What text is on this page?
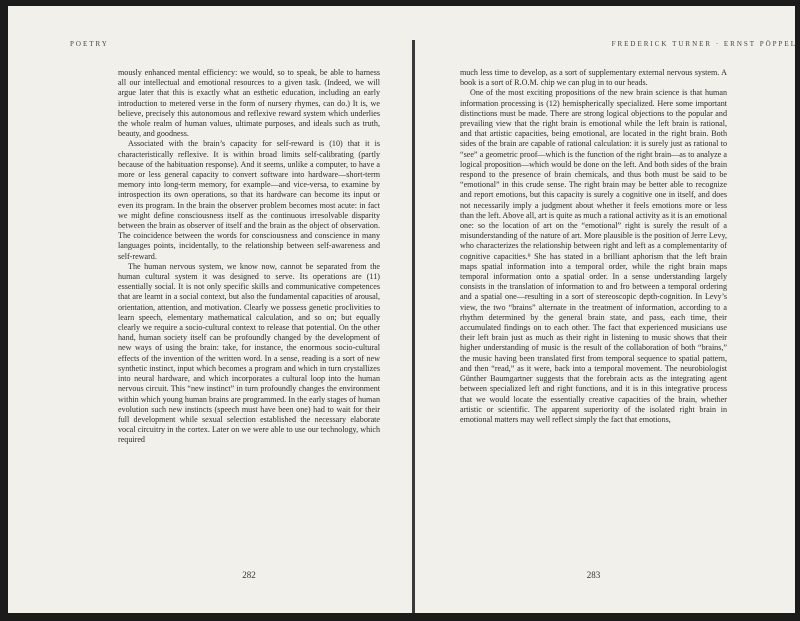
POETRY

mously enhanced mental efficiency: we would, so to speak, be able to harness all our intellectual and emotional resources to a given task. (Indeed, we will argue later that this is exactly what an esthetic education, including an early introduction to metered verse in the form of nursery rhymes, can do.) It is, we believe, precisely this autonomous and reflexive reward system which underlies the whole realm of human values, ultimate purposes, and ideals such as truth, beauty, and goodness.

Associated with the brain’s capacity for self-reward is (10) that it is characteristically reflexive. It is within broad limits self-calibrating (partly because of the habituation response). And it seems, unlike a computer, to have a more or less general capacity to convert software into hardware—short-term memory into long-term memory, for example—and vice-versa, to examine by introspection its own operations, so that its hardware can become its input or even its program. In the brain the observer problem becomes most acute: in fact we might define consciousness itself as the continuous irresolvable disparity between the brain as observer of itself and the brain as the object of observation. The coincidence between the words for consciousness and conscience in many languages points, incidentally, to the relationship between self-awareness and self-reward.

The human nervous system, we know now, cannot be separated from the human cultural system it was designed to serve. Its operations are (11) essentially social. It is not only specific skills and communicative competences that are learnt in a social context, but also the fundamental capacities of arousal, orientation, attention, and motivation. Clearly we possess genetic proclivities to learn speech, elementary mathematical calculation, and so on; but equally clearly we require a socio-cultural context to release that potential. On the other hand, human society itself can be profoundly changed by the development of new ways of using the brain: take, for instance, the enormous socio-cultural effects of the invention of the written word. In a sense, reading is a sort of new synthetic instinct, input which becomes a program and which in turn crystallizes into neural hardware, and which incorporates a cultural loop into the human nervous circuit. This “new instinct” in turn profoundly changes the environment within which young human brains are programmed. In the early stages of human evolution such new instincts (speech must have been one) had to wait for their full development while sexual selection established the necessary elaborate vocal circuitry in the cortex. Later on we were able to use our technology, which required

282
FREDERICK TURNER · ERNST PÖPPEL

much less time to develop, as a sort of supplementary external nervous system. A book is a sort of R.O.M. chip we can plug in to our heads.

One of the most exciting propositions of the new brain science is that human information processing is (12) hemispherically specialized. Here some important distinctions must be made. There are strong logical objections to the popular and prevailing view that the right brain is emotional while the left brain is rational, and that artistic capacities, being emotional, are located in the right brain. Both sides of the brain are capable of rational calculation: it is surely just as rational to “see” a geometric proof—which is the function of the right brain—as to analyze a logical proposition—which would be done on the left. And both sides of the brain respond to the presence of brain chemicals, and thus both must be said to be “emotional” in this crude sense. The right brain may be better able to recognize and report emotions, but this capacity is surely a cognitive one in itself, and does not necessarily imply a judgment about whether it feels emotions more or less than the left. Above all, art is quite as much a rational activity as it is an emotional one: so the location of art on the “emotional” right is surely the result of a misunderstanding of the nature of art. More plausible is the position of Jerre Levy, who characterizes the relationship between right and left as a complementarity of cognitive capacities.⁹ She has stated in a brilliant aphorism that the left brain maps spatial information into a temporal order, while the right brain maps temporal information onto a spatial order. In a sense understanding largely consists in the translation of information to and fro between a temporal ordering and a spatial one—resulting in a sort of stereoscopic depth-cognition. In Levy’s view, the two “brains” alternate in the treatment of information, according to a rhythm determined by the general brain state, and pass, each time, their accumulated findings on to each other. The fact that experienced musicians use their left brain just as much as their right in listening to music shows that their higher understanding of music is the result of the collaboration of both “brains,” the music having been translated first from temporal sequence to spatial pattern, and then “read,” as it were, back into a temporal movement. The neurobiologist Günther Baumgartner suggests that the forebrain acts as the integrating agent between specialized left and right functions, and it is in this integrative process that we would locate the essentially creative capacities of the brain, whether artistic or scientific. The apparent superiority of the isolated right brain in emotional matters may well reflect simply the fact that emotions,

283
